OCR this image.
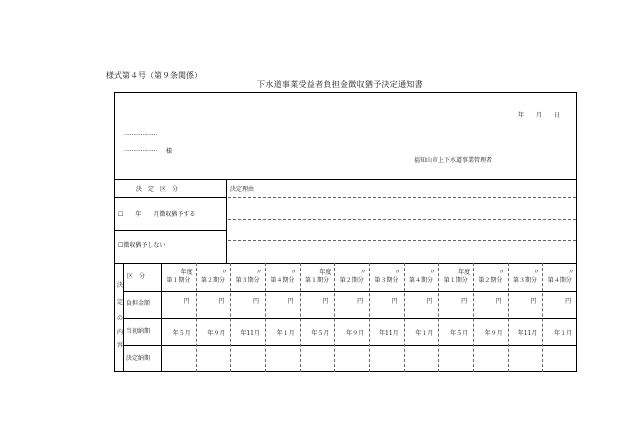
様式第４号（第９条関係）
下水道事業受益者負担金徴収猶予決定通知書
年　　月　　日
………………
……………… 様
福知山市上下水道事業管理者
決　定　区　分	決定理由
☐　　年　　月徴収猶予する
☐徴収猶予しない
決
定
の
内
容
区　分
負担金額
当初納期
決定納期
年度
第１期分
円
年５月
〃
第２期分
円
年９月
〃
第３期分
円
年11月
〃
第４期分
円
年１月
年度
第１期分
円
年５月
〃
第２期分
円
年９月
〃
第３期分
円
年11月
〃
第４期分
円
年１月
年度
第１期分
円
年５月
〃
第２期分
円
年９月
〃
第３期分
円
年11月
〃
第４期分
円
年１月
